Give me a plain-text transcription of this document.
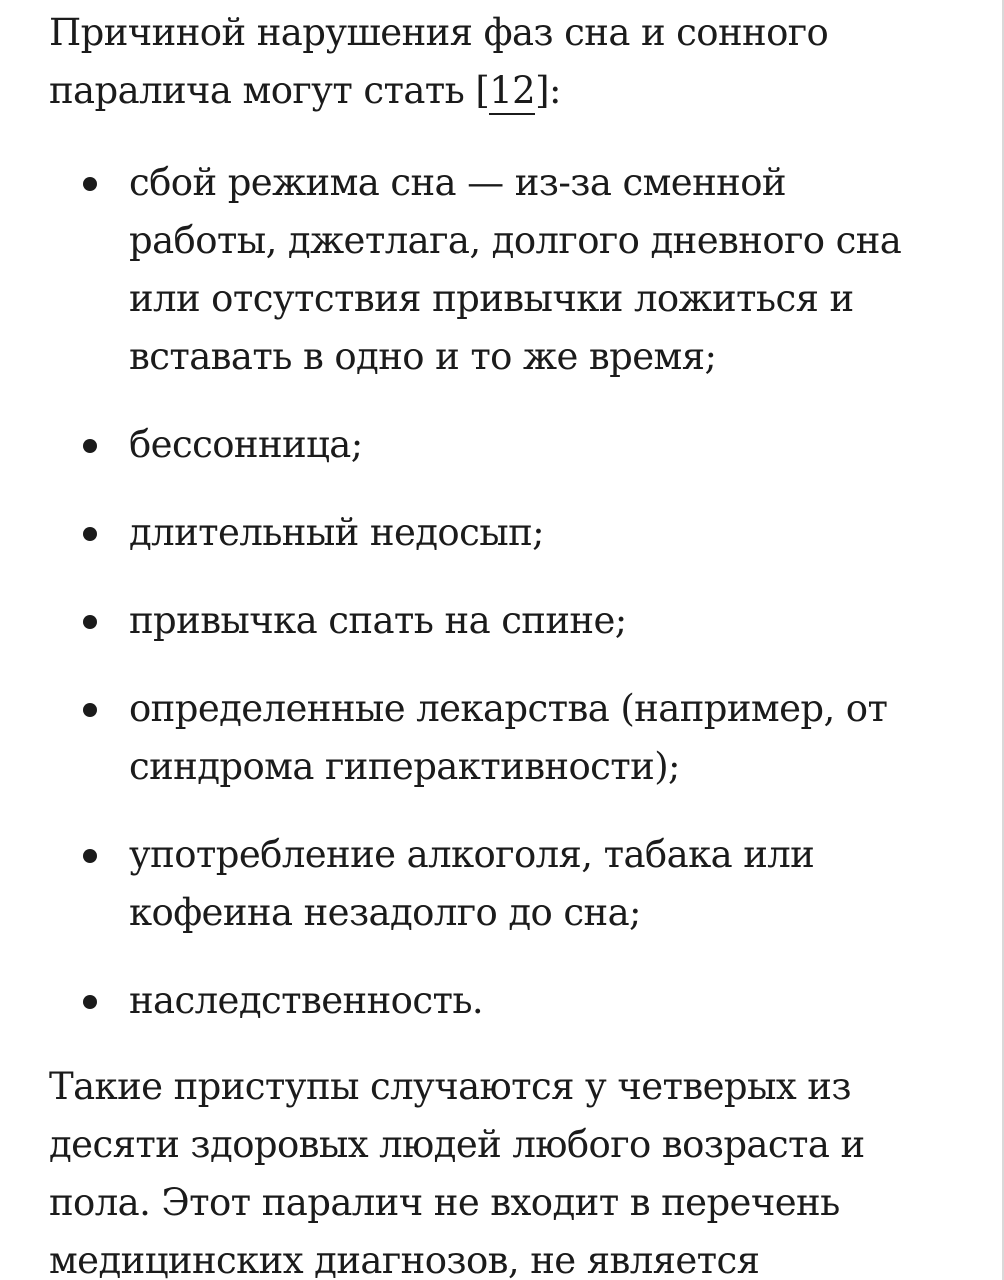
Причиной нарушения фаз сна и сонного
паралича могут стать [12]:

сбой режима сна — из-за сменной
работы, джетлага, долгого дневного сна
или отсутствия привычки ложиться и
вставать в одно и то же время;
бессонница;
длительный недосып;
привычка спать на спине;
определенные лекарства (например, от
синдрома гиперактивности);
употребление алкоголя, табака или
кофеина незадолго до сна;
наследственность.

Такие приступы случаются у четверых из
десяти здоровых людей любого возраста и
пола. Этот паралич не входит в перечень
медицинских диагнозов, не является
